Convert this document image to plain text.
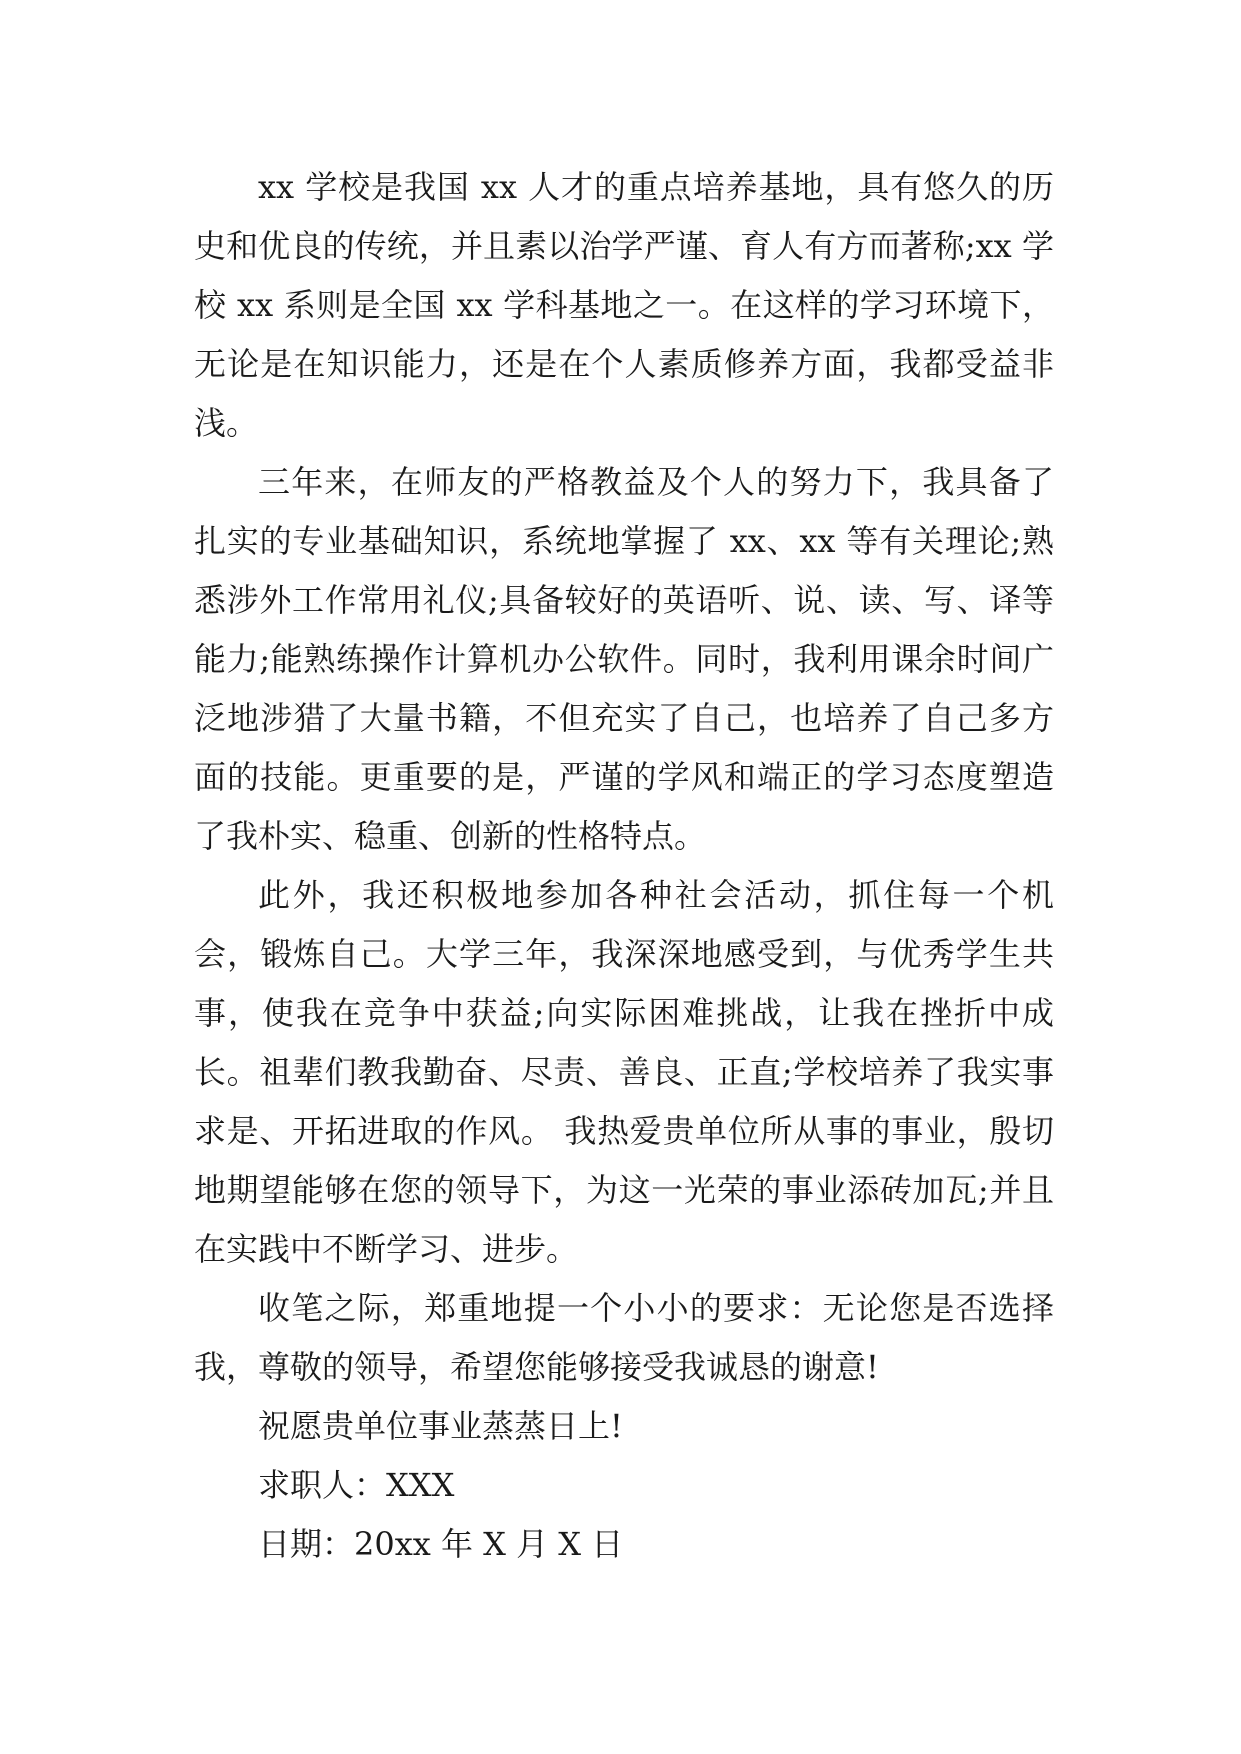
xx 学校是我国 xx 人才的重点培养基地，具有悠久的历史和优良的传统，并且素以治学严谨、育人有方而著称;xx 学校 xx 系则是全国 xx 学科基地之一。在这样的学习环境下，无论是在知识能力，还是在个人素质修养方面，我都受益非浅。

三年来，在师友的严格教益及个人的努力下，我具备了扎实的专业基础知识，系统地掌握了 xx、xx 等有关理论;熟悉涉外工作常用礼仪;具备较好的英语听、说、读、写、译等能力;能熟练操作计算机办公软件。同时，我利用课余时间广泛地涉猎了大量书籍，不但充实了自己，也培养了自己多方面的技能。更重要的是，严谨的学风和端正的学习态度塑造了我朴实、稳重、创新的性格特点。

此外，我还积极地参加各种社会活动，抓住每一个机会，锻炼自己。大学三年，我深深地感受到，与优秀学生共事，使我在竞争中获益;向实际困难挑战，让我在挫折中成长。祖辈们教我勤奋、尽责、善良、正直;学校培养了我实事求是、开拓进取的作风。 我热爱贵单位所从事的事业，殷切地期望能够在您的领导下，为这一光荣的事业添砖加瓦;并且在实践中不断学习、进步。

收笔之际，郑重地提一个小小的要求：无论您是否选择我，尊敬的领导，希望您能够接受我诚恳的谢意!

祝愿贵单位事业蒸蒸日上!

求职人：XXX

日期：20xx 年 X 月 X 日
